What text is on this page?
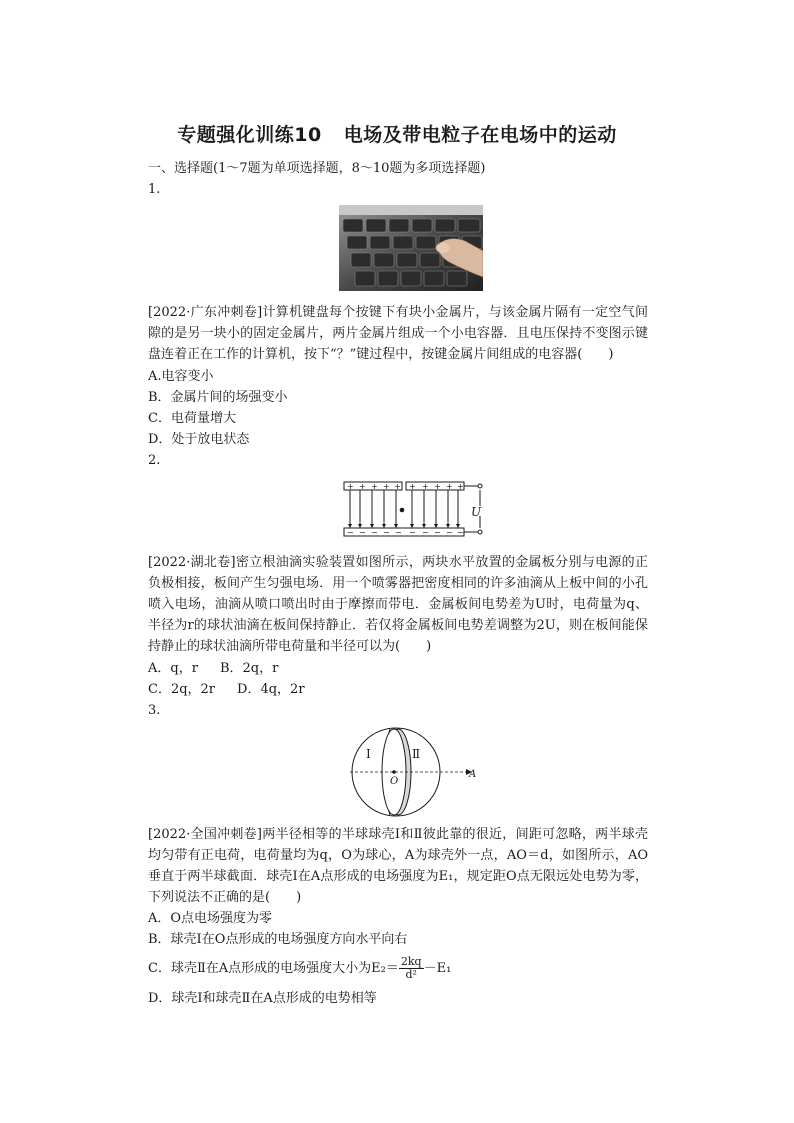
专题强化训练10 电场及带电粒子在电场中的运动
一、选择题(1～7题为单项选择题，8～10题为多项选择题)
1.
[2022·广东冲刺卷]计算机键盘每个按键下有块小金属片，与该金属片隔有一定空气间隙的是另一块小的固定金属片，两片金属片组成一个小电容器．且电压保持不变图示键盘连着正在工作的计算机，按下“？”键过程中，按键金属片间组成的电容器(　　)
A.电容变小
B．金属片间的场强变小
C．电荷量增大
D．处于放电状态
2.
+ + + + + + + + + +
− − − − − − − − − −
U
[2022·湖北卷]密立根油滴实验装置如图所示，两块水平放置的金属板分别与电源的正负极相接，板间产生匀强电场．用一个喷雾器把密度相同的许多油滴从上板中间的小孔喷入电场，油滴从喷口喷出时由于摩擦而带电．金属板间电势差为U时，电荷量为q、半径为r的球状油滴在板间保持静止．若仅将金属板间电势差调整为2U，则在板间能保持静止的球状油滴所带电荷量和半径可以为(　　)
A．q，r B．2q，r
C．2q，2r D．4q，2r
3.
Ⅰ	Ⅱ
O
A
[2022·全国冲刺卷]两半径相等的半球球壳Ⅰ和Ⅱ彼此靠的很近，间距可忽略，两半球壳均匀带有正电荷，电荷量均为q，O为球心，A为球壳外一点，AO＝d，如图所示，AO垂直于两半球截面．球壳Ⅰ在A点形成的电场强度为E₁，规定距O点无限远处电势为零，下列说法不正确的是(　　)
A．O点电场强度为零
B．球壳Ⅰ在O点形成的电场强度方向水平向右
C．球壳Ⅱ在A点形成的电场强度大小为$E_2= \frac{2kq}{\text{d²}} -E_1$
D．球壳Ⅰ和球壳Ⅱ在A点形成的电势相等
